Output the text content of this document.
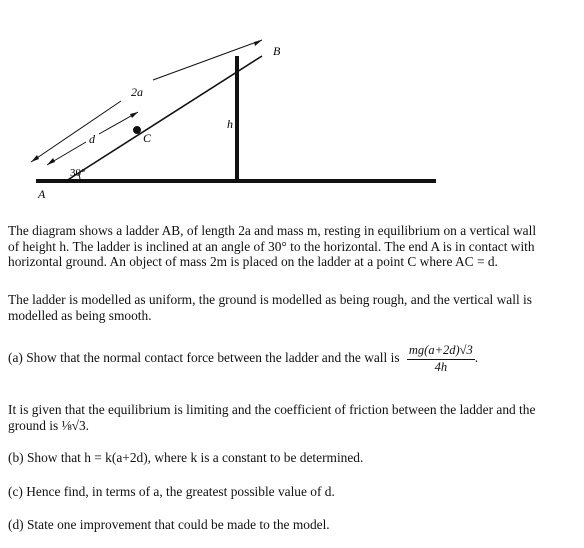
A
B
C
2a
d
h
30°
The diagram shows a ladder AB, of length 2a and mass m, resting in equilibrium on a vertical wall
of height h. The ladder is inclined at an angle of 30° to the horizontal. The end A is in contact with
horizontal ground. An object of mass 2m is placed on the ladder at a point C where AC = d.
The ladder is modelled as uniform, the ground is modelled as being rough, and the vertical wall is
modelled as being smooth.
(a) Show that the normal contact force between the ladder and the wall is $\frac{mg(a+2d)√3}{4h}$ .
It is given that the equilibrium is limiting and the coefficient of friction between the ladder and the
ground is ⅛√3.
(b) Show that h = k(a+2d), where k is a constant to be determined.
(c) Hence find, in terms of a, the greatest possible value of d.
(d) State one improvement that could be made to the model.
